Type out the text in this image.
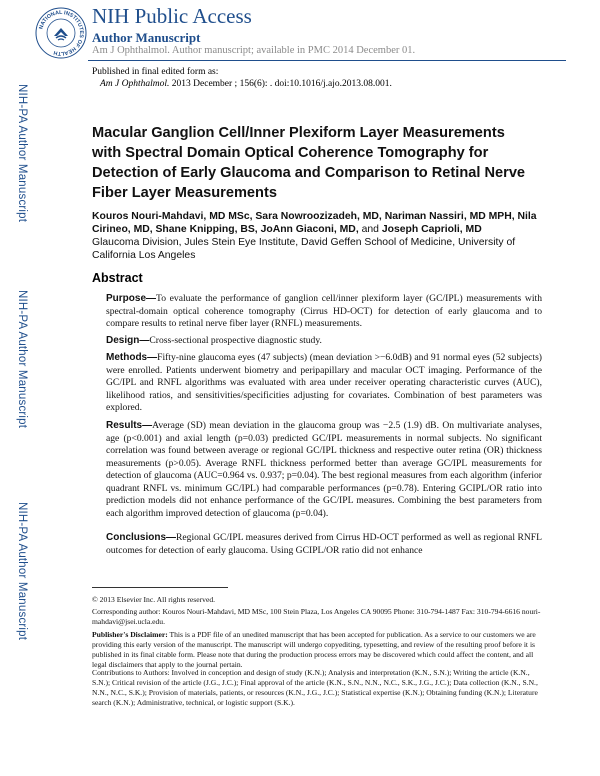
NATIONAL INSTITUTES OF HEALTH
NIH Public Access
Author Manuscript
Am J Ophthalmol. Author manuscript; available in PMC 2014 December 01.
Published in final edited form as:
Am J Ophthalmol. 2013 December ; 156(6): . doi:10.1016/j.ajo.2013.08.001.
NIH-PA Author Manuscript
NIH-PA Author Manuscript
NIH-PA Author Manuscript
Macular Ganglion Cell/Inner Plexiform Layer Measurements with Spectral Domain Optical Coherence Tomography for Detection of Early Glaucoma and Comparison to Retinal Nerve Fiber Layer Measurements
Kouros Nouri-Mahdavi, MD MSc, Sara Nowroozizadeh, MD, Nariman Nassiri, MD MPH, Nila Cirineo, MD, Shane Knipping, BS, JoAnn Giaconi, MD, and Joseph Caprioli, MD
Glaucoma Division, Jules Stein Eye Institute, David Geffen School of Medicine, University of California Los Angeles
Abstract
Purpose—To evaluate the performance of ganglion cell/inner plexiform layer (GC/IPL) measurements with spectral-domain optical coherence tomography (Cirrus HD-OCT) for detection of early glaucoma and to compare results to retinal nerve fiber layer (RNFL) measurements.
Design—Cross-sectional prospective diagnostic study.
Methods—Fifty-nine glaucoma eyes (47 subjects) (mean deviation >−6.0dB) and 91 normal eyes (52 subjects) were enrolled. Patients underwent biometry and peripapillary and macular OCT imaging. Performance of the GC/IPL and RNFL algorithms was evaluated with area under receiver operating characteristic curves (AUC), likelihood ratios, and sensitivities/specificities adjusting for covariates. Combination of best parameters was explored.
Results—Average (SD) mean deviation in the glaucoma group was −2.5 (1.9) dB. On multivariate analyses, age (p<0.001) and axial length (p=0.03) predicted GC/IPL measurements in normal subjects. No significant correlation was found between average or regional GC/IPL thickness and respective outer retina (OR) thickness measurements (p>0.05). Average RNFL thickness performed better than average GC/IPL measurements for detection of glaucoma (AUC=0.964 vs. 0.937; p=0.04). The best regional measures from each algorithm (inferior quadrant RNFL vs. minimum GC/IPL) had comparable performances (p=0.78). Entering GCIPL/OR ratio into prediction models did not enhance performance of the GC/IPL measures. Combining the best parameters from each algorithm improved detection of glaucoma (p=0.04).
Conclusions—Regional GC/IPL measures derived from Cirrus HD-OCT performed as well as regional RNFL outcomes for detection of early glaucoma. Using GCIPL/OR ratio did not enhance
© 2013 Elsevier Inc. All rights reserved.
Corresponding author: Kouros Nouri-Mahdavi, MD MSc, 100 Stein Plaza, Los Angeles CA 90095 Phone: 310-794-1487 Fax: 310-794-6616 nouri-mahdavi@jsei.ucla.edu.
Publisher's Disclaimer: This is a PDF file of an unedited manuscript that has been accepted for publication. As a service to our customers we are providing this early version of the manuscript. The manuscript will undergo copyediting, typesetting, and review of the resulting proof before it is published in its final citable form. Please note that during the production process errors may be discovered which could affect the content, and all legal disclaimers that apply to the journal pertain.
Contributions to Authors: Involved in conception and design of study (K.N.); Analysis and interpretation (K.N., S.N.); Writing the article (K.N., S.N.); Critical revision of the article (J.G., J.C.); Final approval of the article (K.N., S.N., N.N., N.C., S.K., J.G., J.C.); Data collection (K.N., S.N., N.N., N.C., S.K.); Provision of materials, patients, or resources (K.N., J.G., J.C.); Statistical expertise (K.N.); Obtaining funding (K.N.); Literature search (K.N.); Administrative, technical, or logistic support (S.K.).
